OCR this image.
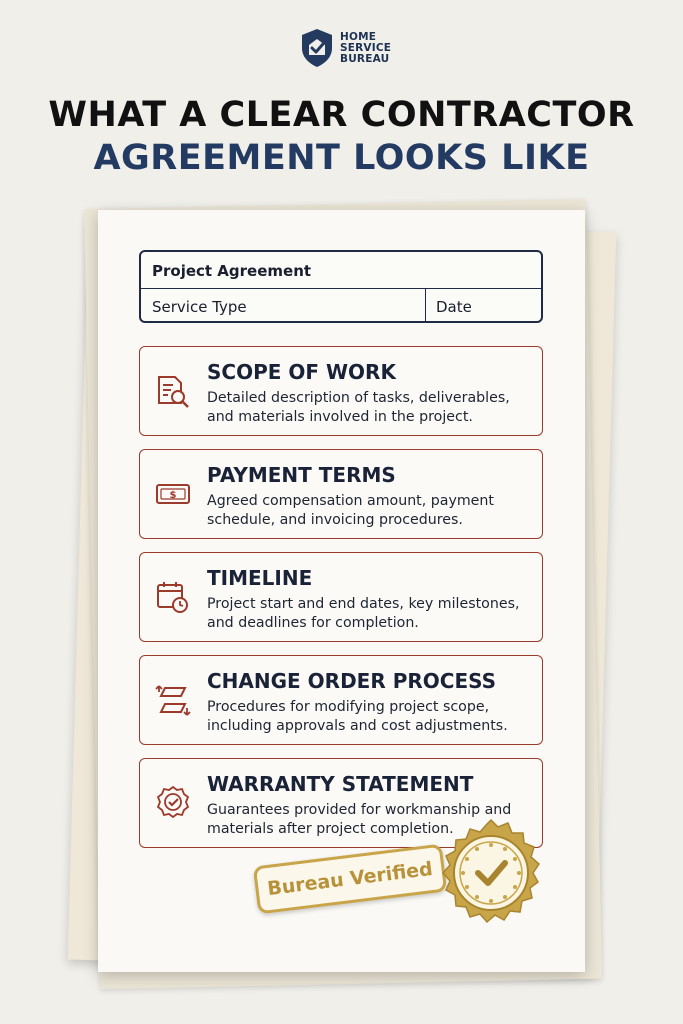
HOME
SERVICE
BUREAU
WHAT A CLEAR CONTRACTOR
AGREEMENT LOOKS LIKE
Project Agreement
Service Type	Date
SCOPE OF WORK
Detailed description of tasks, deliverables, and materials involved in the project.
$
PAYMENT TERMS
Agreed compensation amount, payment schedule, and invoicing procedures.
TIMELINE
Project start and end dates, key milestones, and deadlines for completion.
CHANGE ORDER PROCESS
Procedures for modifying project scope, including approvals and cost adjustments.
WARRANTY STATEMENT
Guarantees provided for workmanship and materials after project completion.
Bureau Verified
